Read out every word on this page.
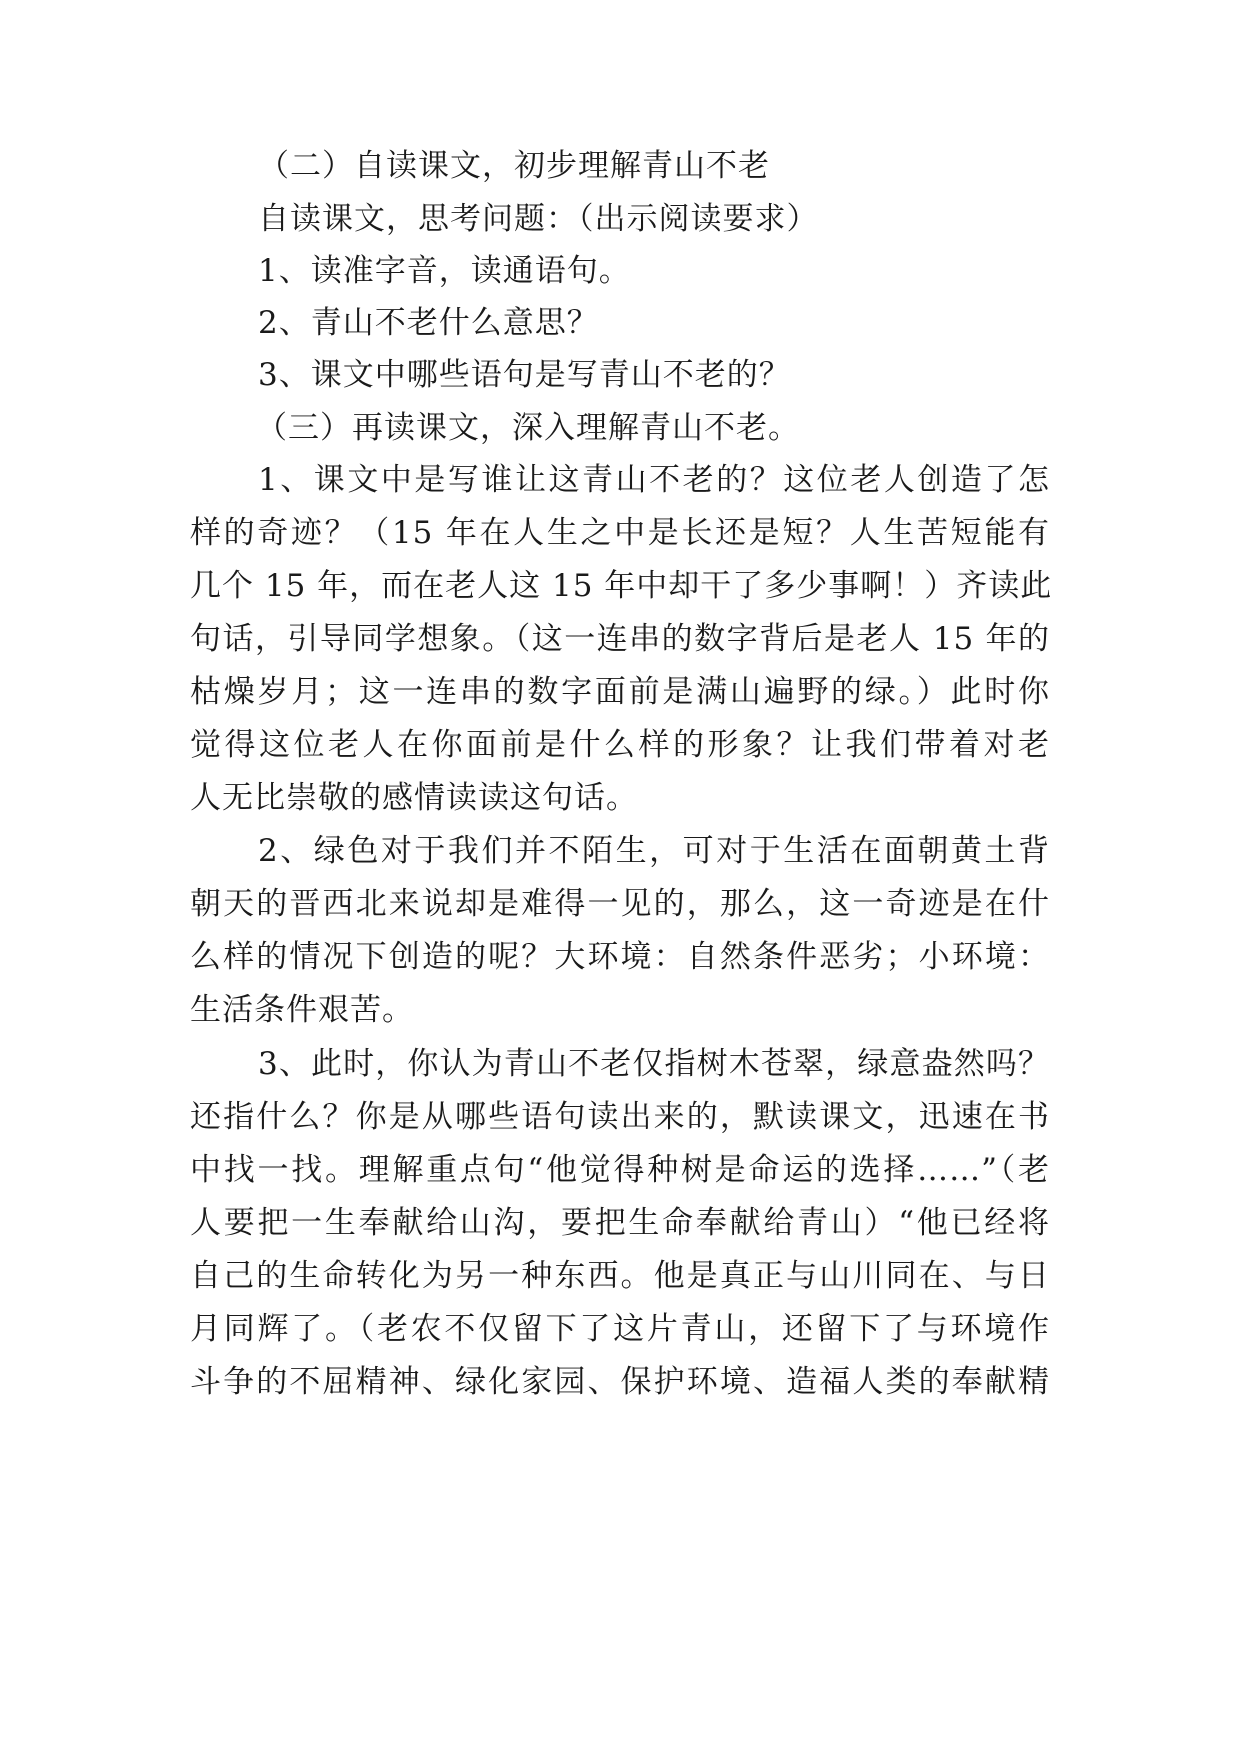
（二）自读课文，初步理解青山不老
自读课文，思考问题：（出示阅读要求）
1、读准字音，读通语句。
2、青山不老什么意思？
3、课文中哪些语句是写青山不老的？
（三）再读课文，深入理解青山不老。
1、课文中是写谁让这青山不老的？这位老人创造了怎
样的奇迹？（15 年在人生之中是长还是短？人生苦短能有
几个 15 年，而在老人这 15 年中却干了多少事啊！）齐读此
句话，引导同学想象。（这一连串的数字背后是老人 15 年的
枯燥岁月；这一连串的数字面前是满山遍野的绿。）此时你
觉得这位老人在你面前是什么样的形象？让我们带着对老
人无比崇敬的感情读读这句话。
2、绿色对于我们并不陌生，可对于生活在面朝黄土背
朝天的晋西北来说却是难得一见的，那么，这一奇迹是在什
么样的情况下创造的呢？大环境：自然条件恶劣；小环境：
生活条件艰苦。
3、此时，你认为青山不老仅指树木苍翠，绿意盎然吗？
还指什么？你是从哪些语句读出来的，默读课文，迅速在书
中找一找。理解重点句“他觉得种树是命运的选择……”（老
人要把一生奉献给山沟，要把生命奉献给青山）“他已经将
自己的生命转化为另一种东西。他是真正与山川同在、与日
月同辉了。（老农不仅留下了这片青山，还留下了与环境作
斗争的不屈精神、绿化家园、保护环境、造福人类的奉献精
